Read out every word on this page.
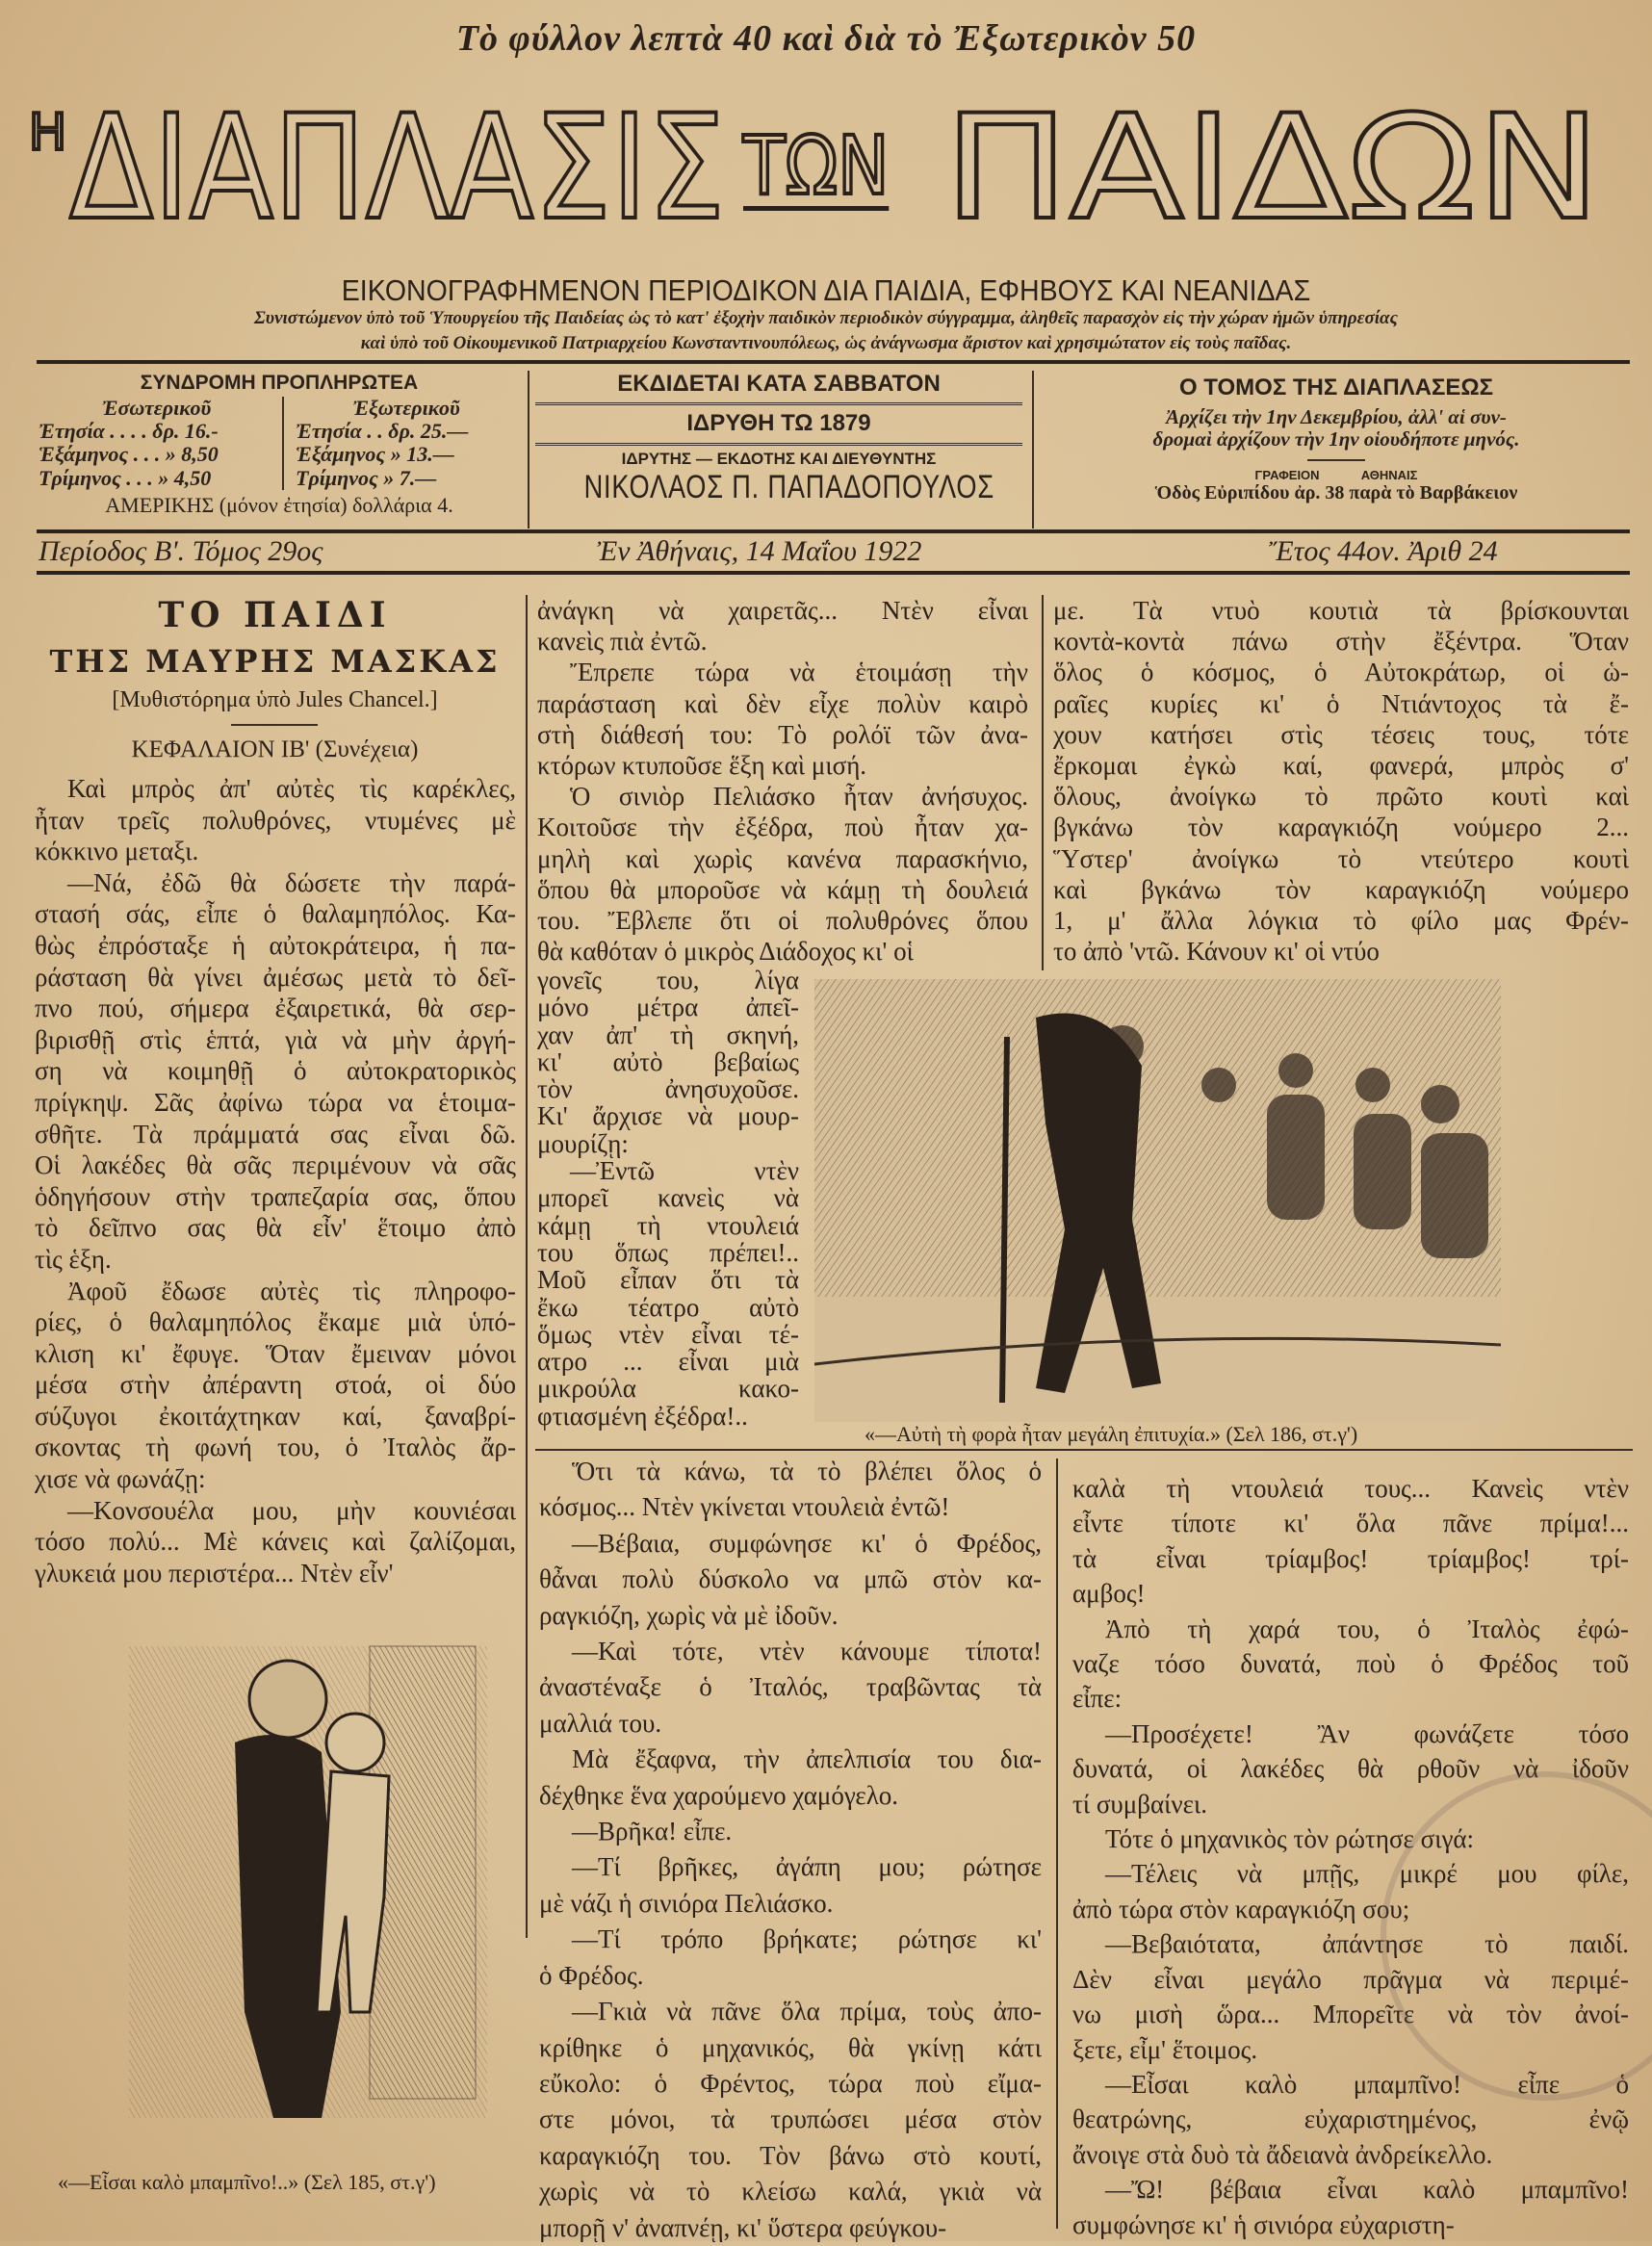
Τὸ φύλλον λεπτὰ 40 καὶ διὰ τὸ Ἐξωτερικὸν 50
Η ΔΙΑΠΛΑΣΙΣ ΤΩΝ ΠΑΙΔΩΝ
ΕΙΚΟΝΟΓΡΑΦΗΜΕΝΟΝ ΠΕΡΙΟΔΙΚΟΝ ΔΙΑ ΠΑΙΔΙΑ, ΕΦΗΒΟΥΣ ΚΑΙ ΝΕΑΝΙΔΑΣ
Συνιστώμενον ὑπὸ τοῦ Ὑπουργείου τῆς Παιδείας ὡς τὸ κατ' ἐξοχὴν παιδικὸν περιοδικὸν σύγγραμμα, ἀληθεῖς παρασχὸν εἰς τὴν χώραν ἡμῶν ὑπηρεσίας
καὶ ὑπὸ τοῦ Οἰκουμενικοῦ Πατριαρχείου Κωνσταντινουπόλεως, ὡς ἀνάγνωσμα ἄριστον καὶ χρησιμώτατον εἰς τοὺς παῖδας.
ΣΥΝΔΡΟΜΗ ΠΡΟΠΛΗΡΩΤΕΑ
Ἐσωτερικοῦ
Ἐτησία . . . . δρ. 16.-
Ἑξάμηνος . . . » 8,50
Τρίμηνος . . . » 4,50
Ἐξωτερικοῦ
Ἐτησία . . δρ. 25.—
Ἑξάμηνος » 13.—
Τρίμηνος » 7.—
ΑΜΕΡΙΚΗΣ (μόνον ἐτησία) δολλάρια 4.
ΕΚΔΙΔΕΤΑΙ ΚΑΤΑ ΣΑΒΒΑΤΟΝ
ΙΔΡΥΘΗ ΤΩ 1879
ΙΔΡΥΤΗΣ — ΕΚΔΟΤΗΣ ΚΑΙ ΔΙΕΥΘΥΝΤΗΣ
ΝΙΚΟΛΑΟΣ Π. ΠΑΠΑΔΟΠΟΥΛΟΣ
Ο ΤΟΜΟΣ ΤΗΣ ΔΙΑΠΛΑΣΕΩΣ
Ἀρχίζει τὴν 1ην Δεκεμβρίου, ἀλλ' αἱ συν-
δρομαὶ ἀρχίζουν τὴν 1ην οἱουδήποτε μηνός.
ΓΡΑΦΕΙΟΝ	ΑΘΗΝΑΙΣ
Ὁδὸς Εὐριπίδου ἀρ. 38 παρὰ τὸ Βαρβάκειον
Περίοδος Β'. Τόμος 29ος	Ἐν Ἀθήναις, 14 Μαΐου 1922	Ἔτος 44ον. Ἀριθ 24
ΤΟ ΠΑΙΔΙ
ΤΗΣ ΜΑΥΡΗΣ ΜΑΣΚΑΣ
[Μυθιστόρημα ὑπὸ Jules Chancel.]
ΚΕΦΑΛΑΙΟΝ ΙΒ' (Συνέχεια)
Καὶ μπρὸς ἀπ' αὐτὲς τὶς καρέκλες,
ἦταν τρεῖς πολυθρόνες, ντυμένες μὲ
κόκκινο μεταξι.
—Νά, ἐδῶ θὰ δώσετε τὴν παρά-
στασή σάς, εἶπε ὁ θαλαμηπόλος. Κα-
θὼς ἐπρόσταξε ἡ αὐτοκράτειρα, ἡ πα-
ράσταση θὰ γίνει ἀμέσως μετὰ τὸ δεῖ-
πνο πού, σήμερα ἐξαιρετικά, θὰ σερ-
βιρισθῇ στὶς ἑπτά, γιὰ νὰ μὴν ἀργή-
ση νὰ κοιμηθῇ ὁ αὐτοκρατορικὸς
πρίγκηψ. Σᾶς ἀφίνω τώρα να ἑτοιμα-
σθῆτε. Τὰ πράμματά σας εἶναι δῶ.
Οἱ λακέδες θὰ σᾶς περιμένουν νὰ σᾶς
ὁδηγήσουν στὴν τραπεζαρία σας, ὅπου
τὸ δεῖπνο σας θὰ εἶν' ἕτοιμο ἀπὸ
τὶς ἑξη.
Ἀφοῦ ἔδωσε αὐτὲς τὶς πληροφο-
ρίες, ὁ θαλαμηπόλος ἔκαμε μιὰ ὑπό-
κλιση κι' ἔφυγε. Ὅταν ἔμειναν μόνοι
μέσα στὴν ἀπέραντη στοά, οἱ δύο
σύζυγοι ἐκοιτάχτηκαν καί, ξαναβρί-
σκοντας τὴ φωνή του, ὁ Ἰταλὸς ἄρ-
χισε νὰ φωνάζῃ:
—Κονσουέλα μου, μὴν κουνιέσαι
τόσο πολύ... Μὲ κάνεις καὶ ζαλίζομαι,
γλυκειά μου περιστέρα... Ντὲν εἶν'
ἀνάγκη νὰ χαιρετᾶς... Ντὲν εἶναι
κανεὶς πιὰ ἐντῶ.
Ἔπρεπε τώρα νὰ ἑτοιμάσῃ τὴν
παράσταση καὶ δὲν εἶχε πολὺν καιρὸ
στὴ διάθεσή του: Τὸ ρολόϊ τῶν ἀνα-
κτόρων κτυποῦσε ἕξη καὶ μισή.
Ὁ σινιὸρ Πελιάσκο ἦταν ἀνήσυχος.
Κοιτοῦσε τὴν ἐξέδρα, ποὺ ἦταν χα-
μηλὴ καὶ χωρὶς κανένα παρασκήνιο,
ὅπου θὰ μποροῦσε νὰ κάμῃ τὴ δουλειά
του. Ἔβλεπε ὅτι οἱ πολυθρόνες ὅπου
θὰ καθόταν ὁ μικρὸς Διάδοχος κι' οἱ
γονεῖς του, λίγα
μόνο μέτρα ἀπεῖ-
χαν ἀπ' τὴ σκηνή,
κι' αὐτὸ βεβαίως
τὸν ἀνησυχοῦσε.
Κι' ἄρχισε νὰ μουρ-
μουρίζῃ:
—Ἐντῶ ντὲν
μπορεῖ κανεὶς νὰ
κάμῃ τὴ ντουλειά
του ὅπως πρέπει!..
Μοῦ εἶπαν ὅτι τὰ
ἔκω τέατρο αὐτὸ
ὅμως ντὲν εἶναι τέ-
ατρο ... εἶναι μιὰ
μικρούλα κακο-
φτιασμένη ἐξέδρα!..
Ὅτι τὰ κάνω, τὰ τὸ βλέπει ὅλος ὁ
κόσμος... Ντὲν γκίνεται ντουλειὰ ἐντῶ!
—Βέβαια, συμφώνησε κι' ὁ Φρέδος,
θἆναι πολὺ δύσκολο να μπῶ στὸν κα-
ραγκιόζη, χωρὶς νὰ μὲ ἰδοῦν.
—Καὶ τότε, ντὲν κάνουμε τίποτα!
ἀναστέναξε ὁ Ἰταλός, τραβῶντας τὰ
μαλλιά του.
Μὰ ἔξαφνα, τὴν ἀπελπισία του δια-
δέχθηκε ἕνα χαρούμενο χαμόγελο.
—Βρῆκα! εἶπε.
—Τί βρῆκες, ἀγάπη μου; ρώτησε
μὲ νάζι ἡ σινιόρα Πελιάσκο.
—Τί τρόπο βρήκατε; ρώτησε κι'
ὁ Φρέδος.
—Γκιὰ νὰ πᾶνε ὅλα πρίμα, τοὺς ἀπο-
κρίθηκε ὁ μηχανικός, θὰ γκίνῃ κάτι
εὔκολο: ὁ Φρέντος, τώρα ποὺ εἴμα-
στε μόνοι, τὰ τρυπώσει μέσα στὸν
καραγκιόζη του. Τὸν βάνω στὸ κουτί,
χωρὶς νὰ τὸ κλείσω καλά, γκιὰ νὰ
μπορῇ ν' ἀναπνέῃ, κι' ὕστερα φεύγκου-
με. Τὰ ντυὸ κουτιὰ τὰ βρίσκουνται
κοντὰ-κοντὰ πάνω στὴν ἔξέντρα. Ὅταν
ὅλος ὁ κόσμος, ὁ Αὐτοκράτωρ, οἱ ὡ-
ραῖες κυρίες κι' ὁ Ντιάντοχος τὰ ἔ-
χουν κατήσει στὶς τέσεις τους, τότε
ἔρκομαι ἐγκὼ καί, φανερά, μπρὸς σ'
ὅλους, ἀνοίγκω τὸ πρῶτο κουτὶ καὶ
βγκάνω τὸν καραγκιόζη νούμερο 2...
Ὕστερ' ἀνοίγκω τὸ ντεύτερο κουτὶ
καὶ βγκάνω τὸν καραγκιόζη νούμερο
1, μ' ἄλλα λόγκια τὸ φίλο μας Φρέν-
το ἀπὸ 'ντῶ. Κάνουν κι' οἱ ντύο
καλὰ τὴ ντουλειά τους... Κανεὶς ντὲν
εἶντε τίποτε κι' ὅλα πᾶνε πρίμα!...
τὰ εἶναι τρίαμβος! τρίαμβος! τρί-
αμβος!
Ἀπὸ τὴ χαρά του, ὁ Ἰταλὸς ἐφώ-
ναζε τόσο δυνατά, ποὺ ὁ Φρέδος τοῦ
εἶπε:
—Προσέχετε! Ἂν φωνάζετε τόσο
δυνατά, οἱ λακέδες θὰ ρθοῦν νὰ ἰδοῦν
τί συμβαίνει.
Τότε ὁ μηχανικὸς τὸν ρώτησε σιγά:
—Τέλεις νὰ μπῇς, μικρέ μου φίλε,
ἀπὸ τώρα στὸν καραγκιόζη σου;
—Βεβαιότατα, ἀπάντησε τὸ παιδί.
Δὲν εἶναι μεγάλο πρᾶγμα νὰ περιμέ-
νω μισὴ ὥρα... Μπορεῖτε νὰ τὸν ἀνοί-
ξετε, εἶμ' ἕτοιμος.
—Εἶσαι καλὸ μπαμπῖνο! εἶπε ὁ
θεατρώνης, εὐχαριστημένος, ἐνῷ
ἄνοιγε στὰ δυὸ τὰ ἄδειανὰ ἀνδρείκελλο.
—Ὤ! βέβαια εἶναι καλὸ μπαμπῖνο!
συμφώνησε κι' ἡ σινιόρα εὐχαριστη-
«—Αὐτὴ τὴ φορὰ ἦταν μεγάλη ἐπιτυχία.» (Σελ 186, στ.γ')
«—Εἶσαι καλὸ μπαμπῖνο!..» (Σελ 185, στ.γ')
